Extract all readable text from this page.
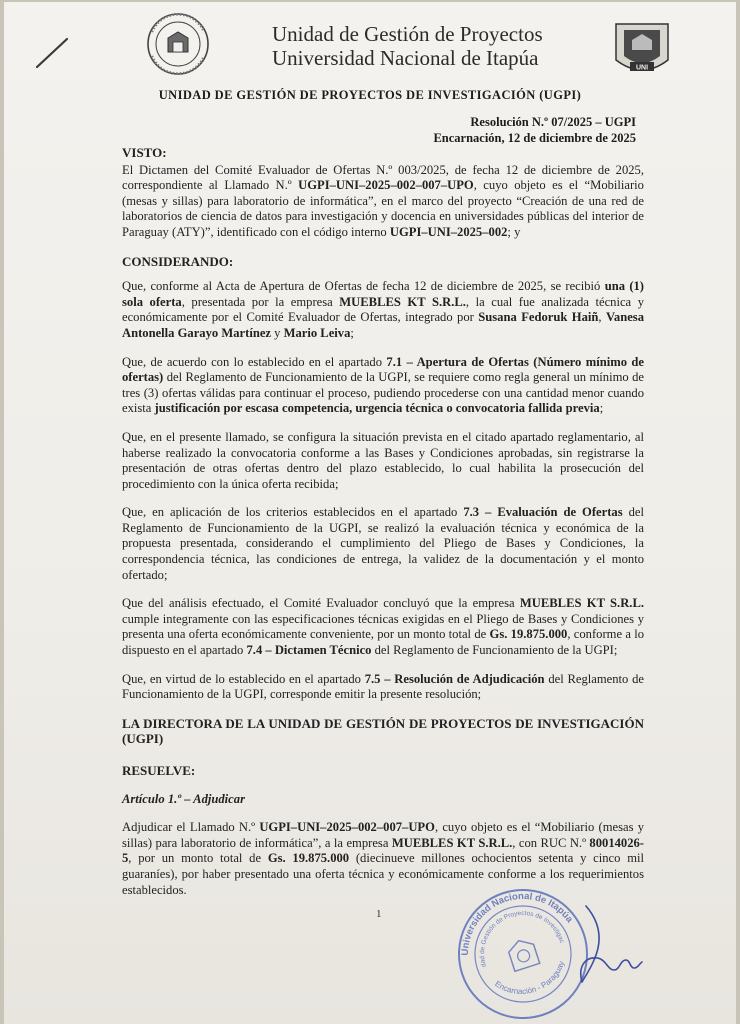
Unidad de Gestión de Proyectos
Universidad Nacional de Itapúa	UNI
UNIDAD DE GESTIÓN DE PROYECTOS DE INVESTIGACIÓN (UGPI)
Resolución N.º 07/2025 – UGPI
Encarnación, 12 de diciembre de 2025
VISTO:

El Dictamen del Comité Evaluador de Ofertas N.º 003/2025, de fecha 12 de diciembre de 2025, correspondiente al Llamado N.º UGPI–UNI–2025–002–007–UPO, cuyo objeto es el “Mobiliario (mesas y sillas) para laboratorio de informática”, en el marco del proyecto “Creación de una red de laboratorios de ciencia de datos para investigación y docencia en universidades públicas del interior de Paraguay (ATY)”, identificado con el código interno UGPI–UNI–2025–002; y

CONSIDERANDO:

Que, conforme al Acta de Apertura de Ofertas de fecha 12 de diciembre de 2025, se recibió una (1) sola oferta, presentada por la empresa MUEBLES KT S.R.L., la cual fue analizada técnica y económicamente por el Comité Evaluador de Ofertas, integrado por Susana Fedoruk Haiñ, Vanesa Antonella Garayo Martínez y Mario Leiva;

Que, de acuerdo con lo establecido en el apartado 7.1 – Apertura de Ofertas (Número mínimo de ofertas) del Reglamento de Funcionamiento de la UGPI, se requiere como regla general un mínimo de tres (3) ofertas válidas para continuar el proceso, pudiendo procederse con una cantidad menor cuando exista justificación por escasa competencia, urgencia técnica o convocatoria fallida previa;

Que, en el presente llamado, se configura la situación prevista en el citado apartado reglamentario, al haberse realizado la convocatoria conforme a las Bases y Condiciones aprobadas, sin registrarse la presentación de otras ofertas dentro del plazo establecido, lo cual habilita la prosecución del procedimiento con la única oferta recibida;

Que, en aplicación de los criterios establecidos en el apartado 7.3 – Evaluación de Ofertas del Reglamento de Funcionamiento de la UGPI, se realizó la evaluación técnica y económica de la propuesta presentada, considerando el cumplimiento del Pliego de Bases y Condiciones, la correspondencia técnica, las condiciones de entrega, la validez de la documentación y el monto ofertado;

Que del análisis efectuado, el Comité Evaluador concluyó que la empresa MUEBLES KT S.R.L. cumple integramente con las especificaciones técnicas exigidas en el Pliego de Bases y Condiciones y presenta una oferta económicamente conveniente, por un monto total de Gs. 19.875.000, conforme a lo dispuesto en el apartado 7.4 – Dictamen Técnico del Reglamento de Funcionamiento de la UGPI;

Que, en virtud de lo establecido en el apartado 7.5 – Resolución de Adjudicación del Reglamento de Funcionamiento de la UGPI, corresponde emitir la presente resolución;

LA DIRECTORA DE LA UNIDAD DE GESTIÓN DE PROYECTOS DE INVESTIGACIÓN (UGPI)

RESUELVE:

Artículo 1.º – Adjudicar

Adjudicar el Llamado N.º UGPI–UNI–2025–002–007–UPO, cuyo objeto es el “Mobiliario (mesas y sillas) para laboratorio de informática”, a la empresa MUEBLES KT S.R.L., con RUC N.º 80014026-5, por un monto total de Gs. 19.875.000 (diecinueve millones ochocientos setenta y cinco mil guaraníes), por haber presentado una oferta técnica y económicamente conforme a los requerimientos establecidos.

1
Universidad Nacional de Itapúa
Unidad de Gestión de Proyectos de Investigación
Encarnación - Paraguay
